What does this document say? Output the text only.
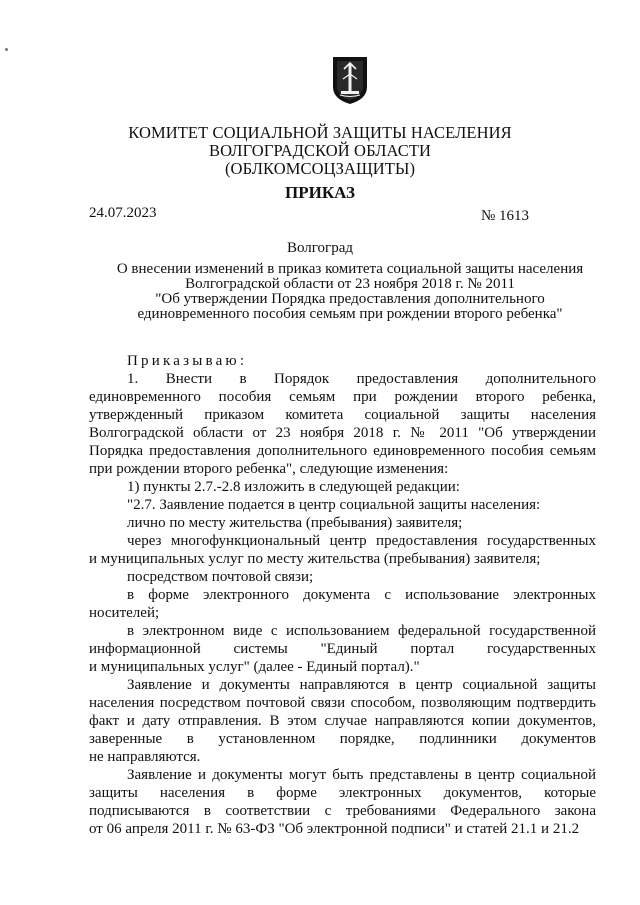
КОМИТЕТ СОЦИАЛЬНОЙ ЗАЩИТЫ НАСЕЛЕНИЯ
ВОЛГОГРАДСКОЙ ОБЛАСТИ
(ОБЛКОМСОЦЗАЩИТЫ)
ПРИКАЗ
24.07.2023	№ 1613
Волгоград
О внесении изменений в приказ комитета социальной защиты населения
Волгоградской области от 23 ноября 2018 г. № 2011
"Об утверждении Порядка предоставления дополнительного
единовременного пособия семьям при рождении второго ребенка"

Приказываю:

1. Внести в Порядок предоставления дополнительного

единовременного пособия семьям при рождении второго ребенка,

утвержденный приказом комитета социальной защиты населения

Волгоградской области от 23 ноября 2018 г. № 2011 "Об утверждении

Порядка предоставления дополнительного единовременного пособия семьям

при рождении второго ребенка", следующие изменения:

1) пункты 2.7.-2.8 изложить в следующей редакции:

"2.7. Заявление подается в центр социальной защиты населения:

лично по месту жительства (пребывания) заявителя;

через многофункциональный центр предоставления государственных

и муниципальных услуг по месту жительства (пребывания) заявителя;

посредством почтовой связи;

в форме электронного документа с использование электронных

носителей;

в электронном виде с использованием федеральной государственной

информационной системы "Единый портал государственных

и муниципальных услуг" (далее - Единый портал)."

Заявление и документы направляются в центр социальной защиты

населения посредством почтовой связи способом, позволяющим подтвердить

факт и дату отправления. В этом случае направляются копии документов,

заверенные в установленном порядке, подлинники документов

не направляются.

Заявление и документы могут быть представлены в центр социальной

защиты населения в форме электронных документов, которые

подписываются в соответствии с требованиями Федерального закона

от 06 апреля 2011 г. № 63-ФЗ "Об электронной подписи" и статей 21.1 и 21.2
